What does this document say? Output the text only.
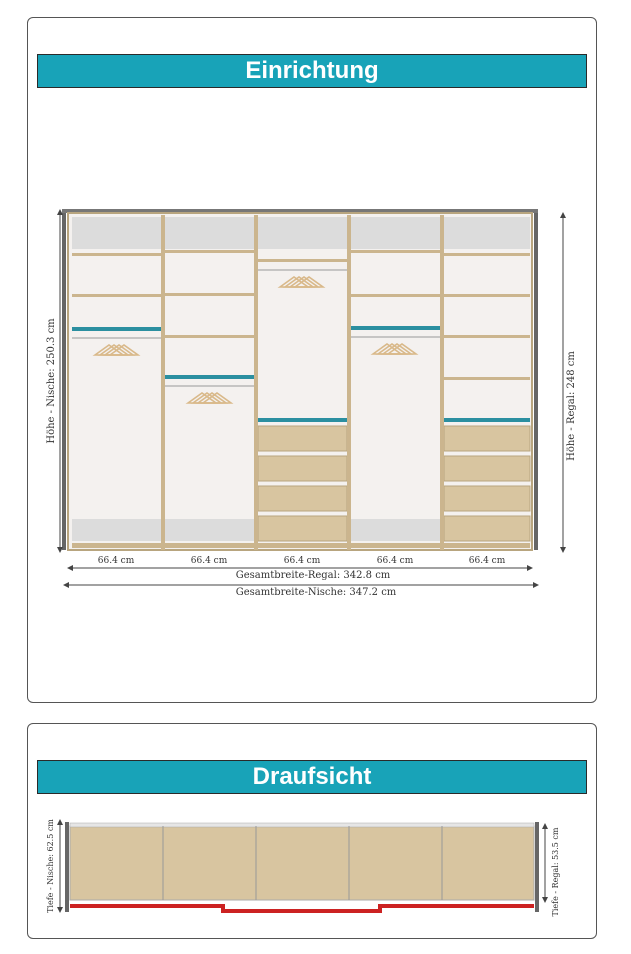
Einrichtung
Draufsicht
66.4 cm	66.4 cm	66.4 cm	66.4 cm	66.4 cm
Gesamtbreite-Regal: 342.8 cm
Gesamtbreite-Nische: 347.2 cm
Höhe - Nische: 250.3 cm	Höhe - Regal: 248 cm
Tiefe - Nische: 62.5 cm	Tiefe - Regal: 53.5 cm
